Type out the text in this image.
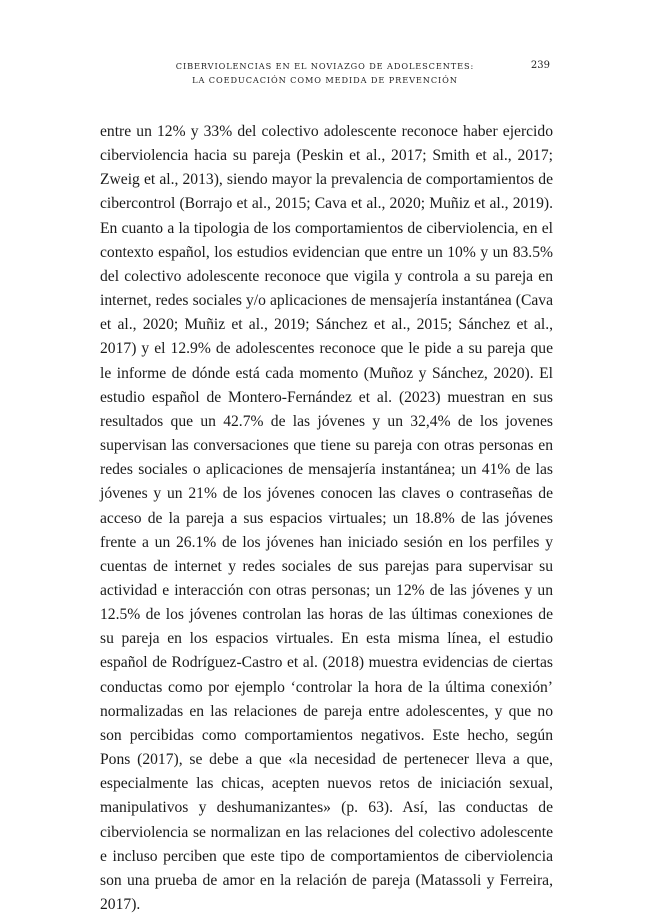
CIBERVIOLENCIAS EN EL NOVIAZGO DE ADOLESCENTES:
LA COEDUCACIÓN COMO MEDIDA DE PREVENCIÓN
239

entre un 12% y 33% del colectivo adolescente reconoce haber ejercido ciberviolencia hacia su pareja (Peskin et al., 2017; Smith et al., 2017; Zweig et al., 2013), siendo mayor la prevalencia de comportamientos de cibercontrol (Borrajo et al., 2015; Cava et al., 2020; Muñiz et al., 2019). En cuanto a la tipologia de los comportamientos de ciberviolencia, en el contexto español, los estudios evidencian que entre un 10% y un 83.5% del colectivo adolescente reconoce que vigila y controla a su pareja en internet, redes sociales y/o aplicaciones de mensajería instantánea (Cava et al., 2020; Muñiz et al., 2019; Sánchez et al., 2015; Sánchez et al., 2017) y el 12.9% de adolescentes reconoce que le pide a su pareja que le informe de dónde está cada momento (Muñoz y Sánchez, 2020). El estudio español de Montero-Fernández et al. (2023) muestran en sus resultados que un 42.7% de las jóvenes y un 32,4% de los jovenes supervisan las conversaciones que tiene su pareja con otras personas en redes sociales o aplicaciones de mensajería instantánea; un 41% de las jóvenes y un 21% de los jóvenes conocen las claves o contraseñas de acceso de la pareja a sus espacios virtuales; un 18.8% de las jóvenes frente a un 26.1% de los jóvenes han iniciado sesión en los perfiles y cuentas de internet y redes sociales de sus parejas para supervisar su actividad e interacción con otras personas; un 12% de las jóvenes y un 12.5% de los jóvenes controlan las horas de las últimas conexiones de su pareja en los espacios virtuales. En esta misma línea, el estudio español de Rodríguez-Castro et al. (2018) muestra evidencias de ciertas conductas como por ejemplo ‘controlar la hora de la última conexión’ normalizadas en las relaciones de pareja entre adolescentes, y que no son percibidas como comportamientos negativos. Este hecho, según Pons (2017), se debe a que «la necesidad de pertenecer lleva a que, especialmente las chicas, acepten nuevos retos de iniciación sexual, manipulativos y deshumanizantes» (p. 63). Así, las conductas de ciberviolencia se normalizan en las relaciones del colectivo adolescente e incluso perciben que este tipo de comportamientos de ciberviolencia son una prueba de amor en la relación de pareja (Matassoli y Ferreira, 2017).
